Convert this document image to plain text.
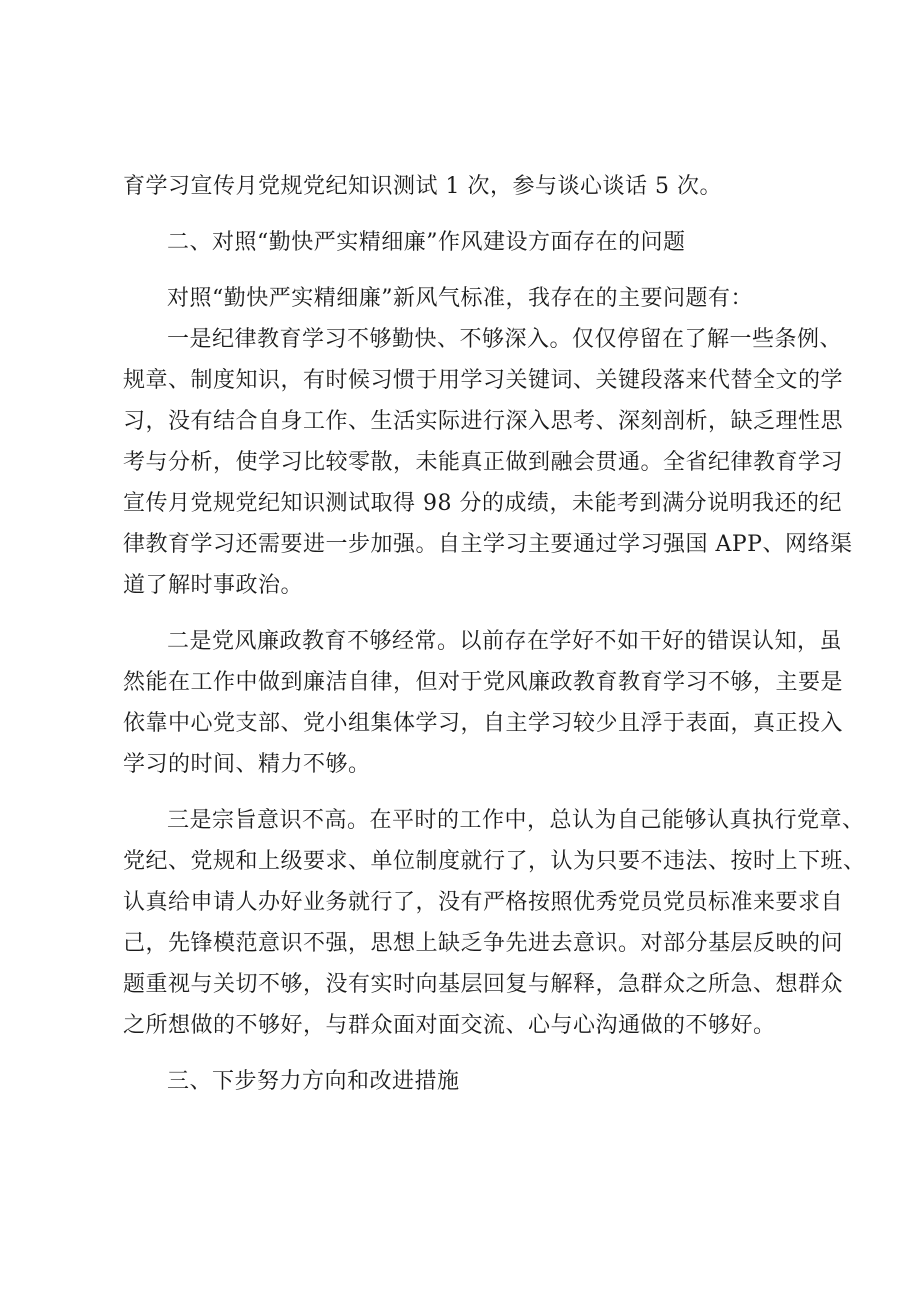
育学习宣传月党规党纪知识测试 1 次，参与谈心谈话 5 次。
二、对照“勤快严实精细廉”作风建设方面存在的问题
对照“勤快严实精细廉”新风气标准，我存在的主要问题有：
一是纪律教育学习不够勤快、不够深入。仅仅停留在了解一些条例、
规章、制度知识，有时候习惯于用学习关键词、关键段落来代替全文的学
习，没有结合自身工作、生活实际进行深入思考、深刻剖析，缺乏理性思
考与分析，使学习比较零散，未能真正做到融会贯通。全省纪律教育学习
宣传月党规党纪知识测试取得 98 分的成绩，未能考到满分说明我还的纪
律教育学习还需要进一步加强。自主学习主要通过学习强国 APP、网络渠
道了解时事政治。
二是党风廉政教育不够经常。以前存在学好不如干好的错误认知，虽
然能在工作中做到廉洁自律，但对于党风廉政教育教育学习不够，主要是
依靠中心党支部、党小组集体学习，自主学习较少且浮于表面，真正投入
学习的时间、精力不够。
三是宗旨意识不高。在平时的工作中，总认为自己能够认真执行党章、
党纪、党规和上级要求、单位制度就行了，认为只要不违法、按时上下班、
认真给申请人办好业务就行了，没有严格按照优秀党员党员标准来要求自
己，先锋模范意识不强，思想上缺乏争先进去意识。对部分基层反映的问
题重视与关切不够，没有实时向基层回复与解释，急群众之所急、想群众
之所想做的不够好，与群众面对面交流、心与心沟通做的不够好。
三、下步努力方向和改进措施
